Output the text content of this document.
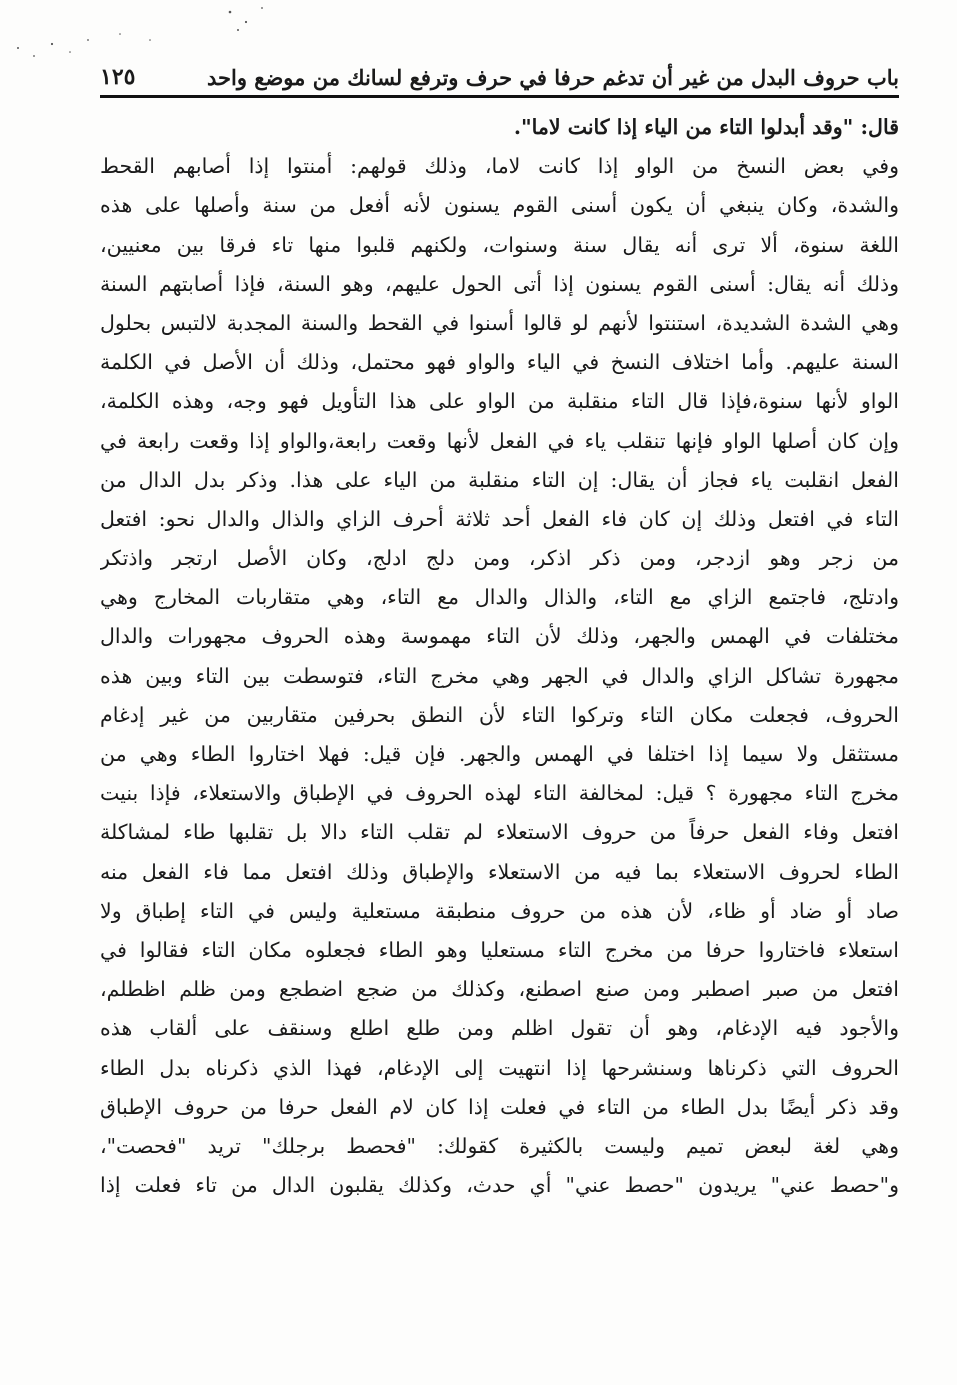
باب حروف البدل من غير أن تدغم حرفا في حرف وترفع لسانك من موضع واحد
١٢٥
قال: "وقد أبدلوا التاء من الياء إذا كانت لاما".
وفي بعض النسخ من الواو إذا كانت لاما، وذلك قولهم: أمنتوا إذا أصابهم القحط
والشدة، وكان ينبغي أن يكون أسنى القوم يسنون لأنه أفعل من سنة وأصلها على هذه
اللغة سنوة، ألا ترى أنه يقال سنة وسنوات، ولكنهم قلبوا منها تاء فرقا بين معنيين،
وذلك أنه يقال: أسنى القوم يسنون إذا أتى الحول عليهم، وهو السنة، فإذا أصابتهم السنة
وهي الشدة الشديدة، استنتوا لأنهم لو قالوا أسنوا في القحط والسنة المجدبة لالتبس بحلول
السنة عليهم. وأما اختلاف النسخ في الياء والواو فهو محتمل، وذلك أن الأصل في الكلمة
الواو لأنها سنوة،فإذا قال التاء منقلبة من الواو على هذا التأويل فهو وجه، وهذه الكلمة،
وإن كان أصلها الواو فإنها تنقلب ياء في الفعل لأنها وقعت رابعة،والواو إذا وقعت رابعة في
الفعل انقلبت ياء فجاز أن يقال: إن التاء منقلبة من الياء على هذا. وذكر بدل الدال من
التاء في افتعل وذلك إن كان فاء الفعل أحد ثلاثة أحرف الزاي والذال والدال نحو: افتعل
من زجر وهو ازدجر، ومن ذكر اذكر، ومن دلج ادلج، وكان الأصل ارتجر واذتكر
وادتلج، فاجتمع الزاي مع التاء، والذال والدال مع التاء، وهي متقاربات المخارج وهي
مختلفات في الهمس والجهر، وذلك لأن التاء مهموسة وهذه الحروف مجهورات والدال
مجهورة تشاكل الزاي والدال في الجهر وهي مخرج التاء، فتوسطت بين التاء وبين هذه
الحروف، فجعلت مكان التاء وتركوا التاء لأن النطق بحرفين متقاربين من غير إدغام
مستثقل ولا سيما إذا اختلفا في الهمس والجهر. فإن قيل: فهلا اختاروا الطاء وهي من
مخرج التاء مجهورة ؟ قيل: لمخالفة التاء لهذه الحروف في الإطباق والاستعلاء، فإذا بنيت
افتعل وفاء الفعل حرفاً من حروف الاستعلاء لم تقلب التاء دالا بل تقلبها طاء لمشاكلة
الطاء لحروف الاستعلاء بما فيه من الاستعلاء والإطباق وذلك افتعل مما فاء الفعل منه
صاد أو ضاد أو ظاء، لأن هذه من حروف منطبقة مستعلية وليس في التاء إطباق ولا
استعلاء فاختاروا حرفا من مخرج التاء مستعليا وهو الطاء فجعلوه مكان التاء فقالوا في
افتعل من صبر اصطبر ومن صنع اصطنع، وكذلك من ضجع اضطجع ومن ظلم اظطلم،
والأجود فيه الإدغام، وهو أن تقول اظلم ومن طلع اطلع وسنقف على ألقاب هذه
الحروف التي ذكرناها وسنشرحها إذا انتهيت إلى الإدغام، فهذا الذي ذكرناه بدل الطاء
وقد ذكر أيضًا بدل الطاء من التاء في فعلت إذا كان لام الفعل حرفا من حروف الإطباق
وهي لغة لبعض تميم وليست بالكثيرة كقولك: "فحصط برجلك" تريد "فحصت"،
و"حصط عني" يريدون "حصط عني" أي حدث، وكذلك يقلبون الدال من تاء فعلت إذا
